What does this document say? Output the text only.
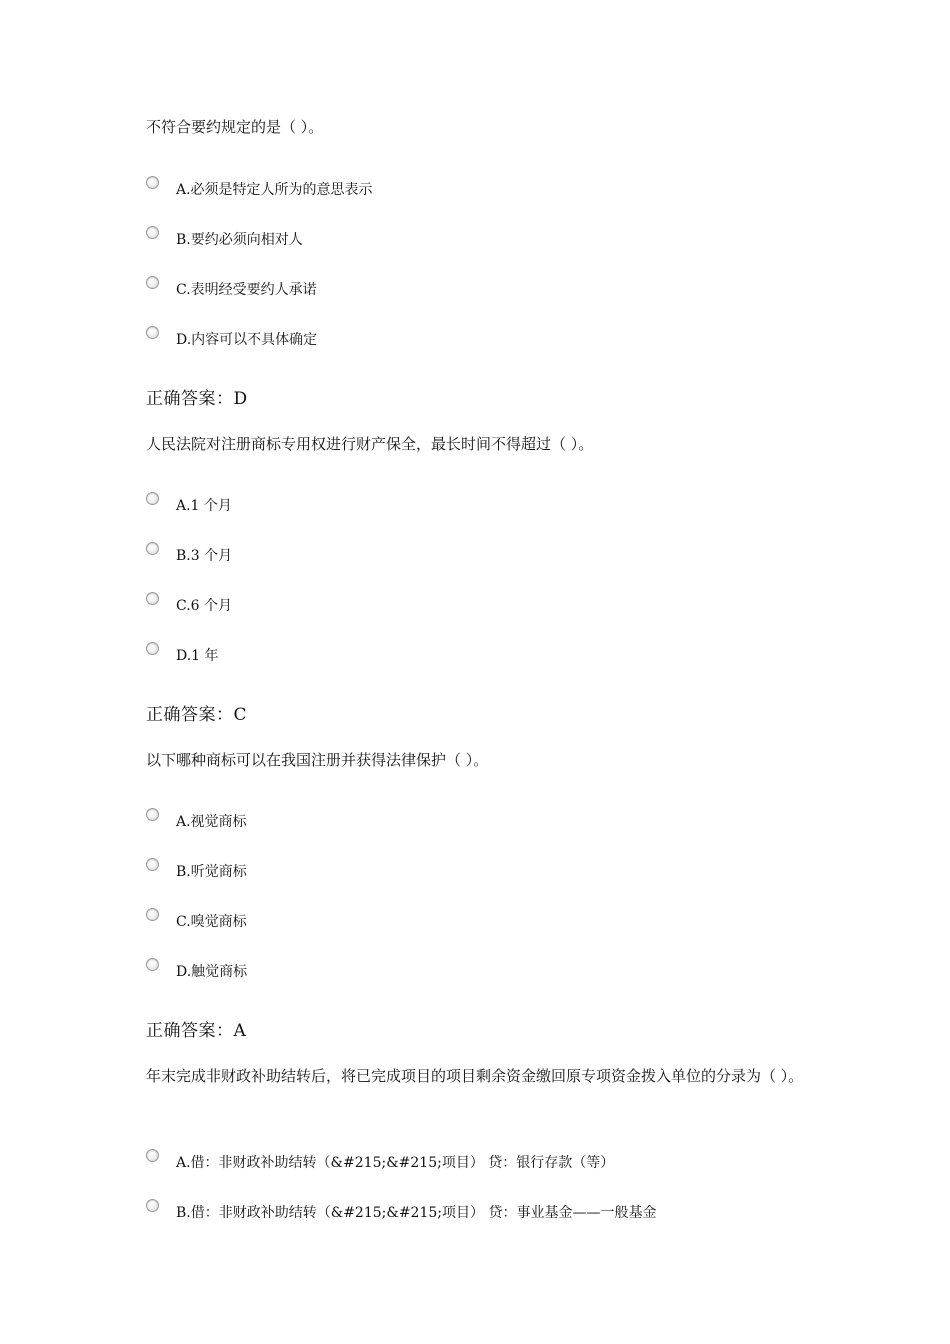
不符合要约规定的是（ ）。
A.必须是特定人所为的意思表示
B.要约必须向相对人
C.表明经受要约人承诺
D.内容可以不具体确定
正确答案：D
人民法院对注册商标专用权进行财产保全，最长时间不得超过（ ）。
A.1 个月
B.3 个月
C.6 个月
D.1 年
正确答案：C
以下哪种商标可以在我国注册并获得法律保护（ ）。
A.视觉商标
B.听觉商标
C.嗅觉商标
D.触觉商标
正确答案：A
年末完成非财政补助结转后，将已完成项目的项目剩余资金缴回原专项资金拨入单位的分录为（ ）。
A.借：非财政补助结转（&#215;&#215;项目） 贷：银行存款（等）
B.借：非财政补助结转（&#215;&#215;项目） 贷：事业基金——一般基金
